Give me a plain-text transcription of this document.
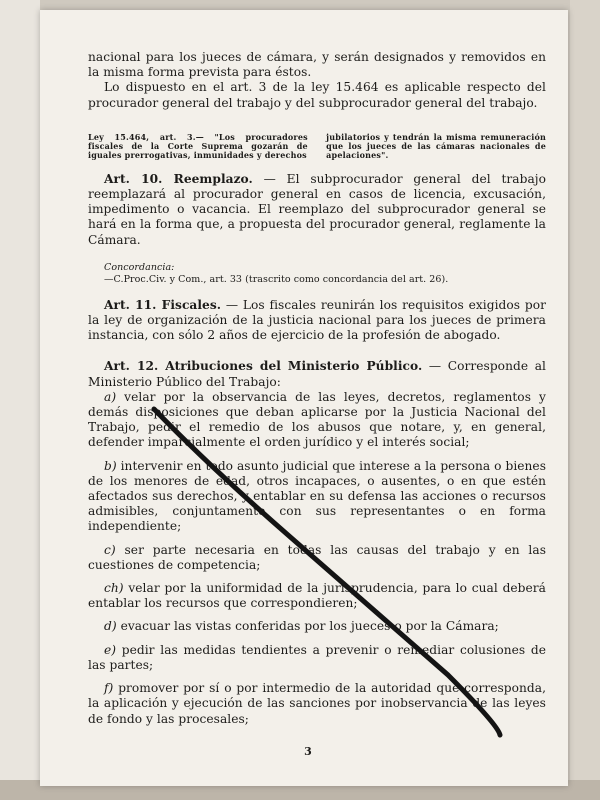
nacional para los jueces de cámara, y serán designados y removidos en la misma forma prevista para éstos.

Lo dispuesto en el art. 3 de la ley 15.464 es aplicable respecto del procurador general del trabajo y del subprocurador general del trabajo.

Ley 15.464, art. 3.— "Los procuradores fiscales de la Corte Suprema gozarán de iguales prerrogativas, inmunidades y derechos
jubilatorios y tendrán la misma remuneración que los jueces de las cámaras nacionales de apelaciones".

Art. 10. Reemplazo. — El subprocurador general del trabajo reemplazará al procurador general en casos de licencia, excusación, impedimento o vacancia. El reemplazo del subprocurador general se hará en la forma que, a propuesta del procurador general, reglamente la Cámara.

Concordancia:
—C.Proc.Civ. y Com., art. 33 (trascrito como concordancia del art. 26).

Art. 11. Fiscales. — Los fiscales reunirán los requisitos exigidos por la ley de organización de la justicia nacional para los jueces de primera instancia, con sólo 2 años de ejercicio de la profesión de abogado.

Art. 12. Atribuciones del Ministerio Público. — Corresponde al Ministerio Público del Trabajo:

a) velar por la observancia de las leyes, decretos, reglamentos y demás disposiciones que deban aplicarse por la Justicia Nacional del Trabajo, pedir el remedio de los abusos que notare, y, en general, defender imparcialmente el orden jurídico y el interés social;

b) intervenir en todo asunto judicial que interese a la persona o bienes de los menores de edad, otros incapaces, o ausentes, o en que estén afectados sus derechos, y entablar en su defensa las acciones o recursos admisibles, conjuntamente con sus representantes o en forma independiente;

c) ser parte necesaria en todas las causas del trabajo y en las cuestiones de competencia;

ch) velar por la uniformidad de la jurisprudencia, para lo cual deberá entablar los recursos que correspondieren;

d) evacuar las vistas conferidas por los jueces o por la Cámara;

e) pedir las medidas tendientes a prevenir o remediar colusiones de las partes;

f) promover por sí o por intermedio de la autoridad que corresponda, la aplicación y ejecución de las sanciones por inobservancia de las leyes de fondo y las procesales;

3
